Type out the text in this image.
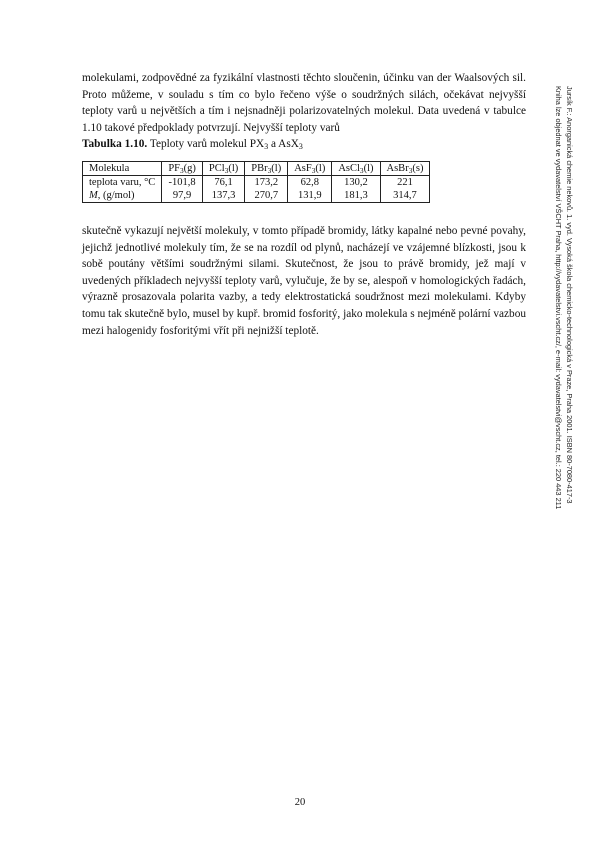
molekulami, zodpovědné za fyzikální vlastnosti těchto sloučenin, účinku van der Waalsových sil. Proto můžeme, v souladu s tím co bylo řečeno výše o soudržných silách, očekávat nejvyšší teploty varů u největších a tím i nejsnadněji polarizovatelných molekul. Data uvedená v tabulce 1.10 takové předpoklady potvrzují. Nejvyšší teploty varů

Tabulka 1.10. Teploty varů molekul $PX_3$ a AsX$_3$
Molekula	$PF_3(g)$	PCl$_3$(l)	PBr$_3$(l)	AsF$_3$(l)	AsCl$_3$(l)	AsBr$_3$(s)
teplota varu, °C	-101,8	76,1	173,2	62,8	130,2	221
M, (g/mol)	97,9	137,3	270,7	131,9	181,3	314,7

skutečně vykazují největší molekuly, v tomto případě bromidy, látky kapalné nebo pevné povahy, jejichž jednotlivé molekuly tím, že se na rozdíl od plynů, nacházejí ve vzájemné blízkosti, jsou k sobě poutány většími soudržnými silami. Skutečnost, že jsou to právě bromidy, jež mají v uvedených příkladech nejvyšší teploty varů, vylučuje, že by se, alespoň v homologických řadách, výrazně prosazovala polarita vazby, a tedy elektrostatická soudržnost mezi molekulami. Kdyby tomu tak skutečně bylo, musel by kupř. bromid fosforitý, jako molekula s nejméně polární vazbou mezi halogenidy fosforitými vřít při nejnižší teplotě.	Jursík F.: Anorganická chemie nekovů. 1. vyd. Vysoká škola chemicko-technologická v Praze, Praha 2001. ISBN 80-7080-417-3
Kniha lze objednat ve vydavatelství VŠCHT Praha, http://vydavatelstvi.vscht.cz/, e-mail: vydavatelstvi@vscht.cz, tel.: 220 443 211
20
